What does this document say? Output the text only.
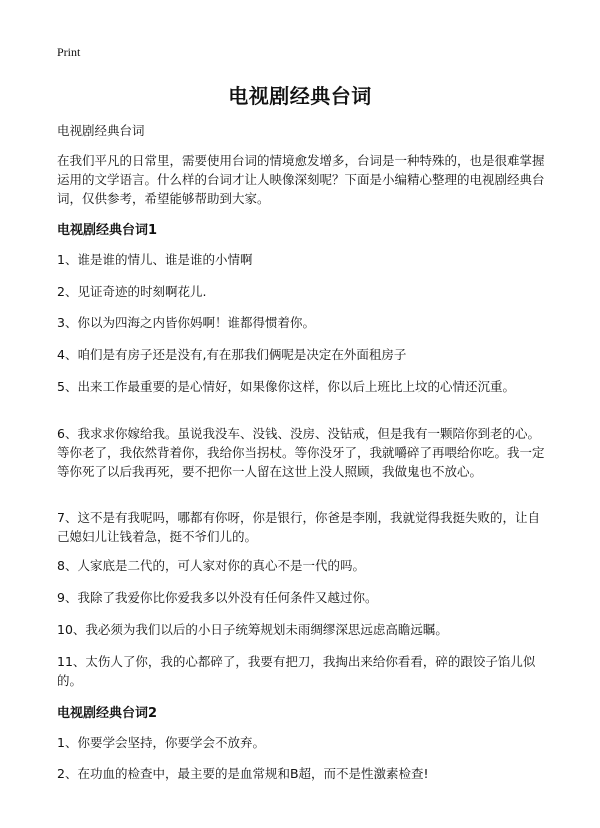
Print
电视剧经典台词
电视剧经典台词
在我们平凡的日常里，需要使用台词的情境愈发增多，台词是一种特殊的，也是很难掌握运用的文学语言。什么样的台词才让人映像深刻呢？下面是小编精心整理的电视剧经典台词，仅供参考，希望能够帮助到大家。
电视剧经典台词1
1、谁是谁的情儿、谁是谁的小情啊
2、见证奇迹的时刻啊花儿.
3、你以为四海之内皆你妈啊！谁都得惯着你。
4、咱们是有房子还是没有,有在那我们俩呢是决定在外面租房子
5、出来工作最重要的是心情好，如果像你这样，你以后上班比上坟的心情还沉重。
6、我求求你嫁给我。虽说我没车、没钱、没房、没钻戒，但是我有一颗陪你到老的心。等你老了，我依然背着你，我给你当拐杖。等你没牙了，我就嚼碎了再喂给你吃。我一定等你死了以后我再死，要不把你一人留在这世上没人照顾，我做鬼也不放心。
7、这不是有我呢吗，哪都有你呀，你是银行，你爸是李刚，我就觉得我挺失败的，让自己媳妇儿让钱着急，挺不爷们儿的。
8、人家底是二代的，可人家对你的真心不是一代的吗。
9、我除了我爱你比你爱我多以外没有任何条件又越过你。
10、我必须为我们以后的小日子统筹规划未雨绸缪深思远虑高瞻远瞩。
11、太伤人了你，我的心都碎了，我要有把刀，我掏出来给你看看，碎的跟饺子馅儿似的。
电视剧经典台词2
1、你要学会坚持，你要学会不放弃。
2、在功血的检查中，最主要的是血常规和B超，而不是性激素检查!
